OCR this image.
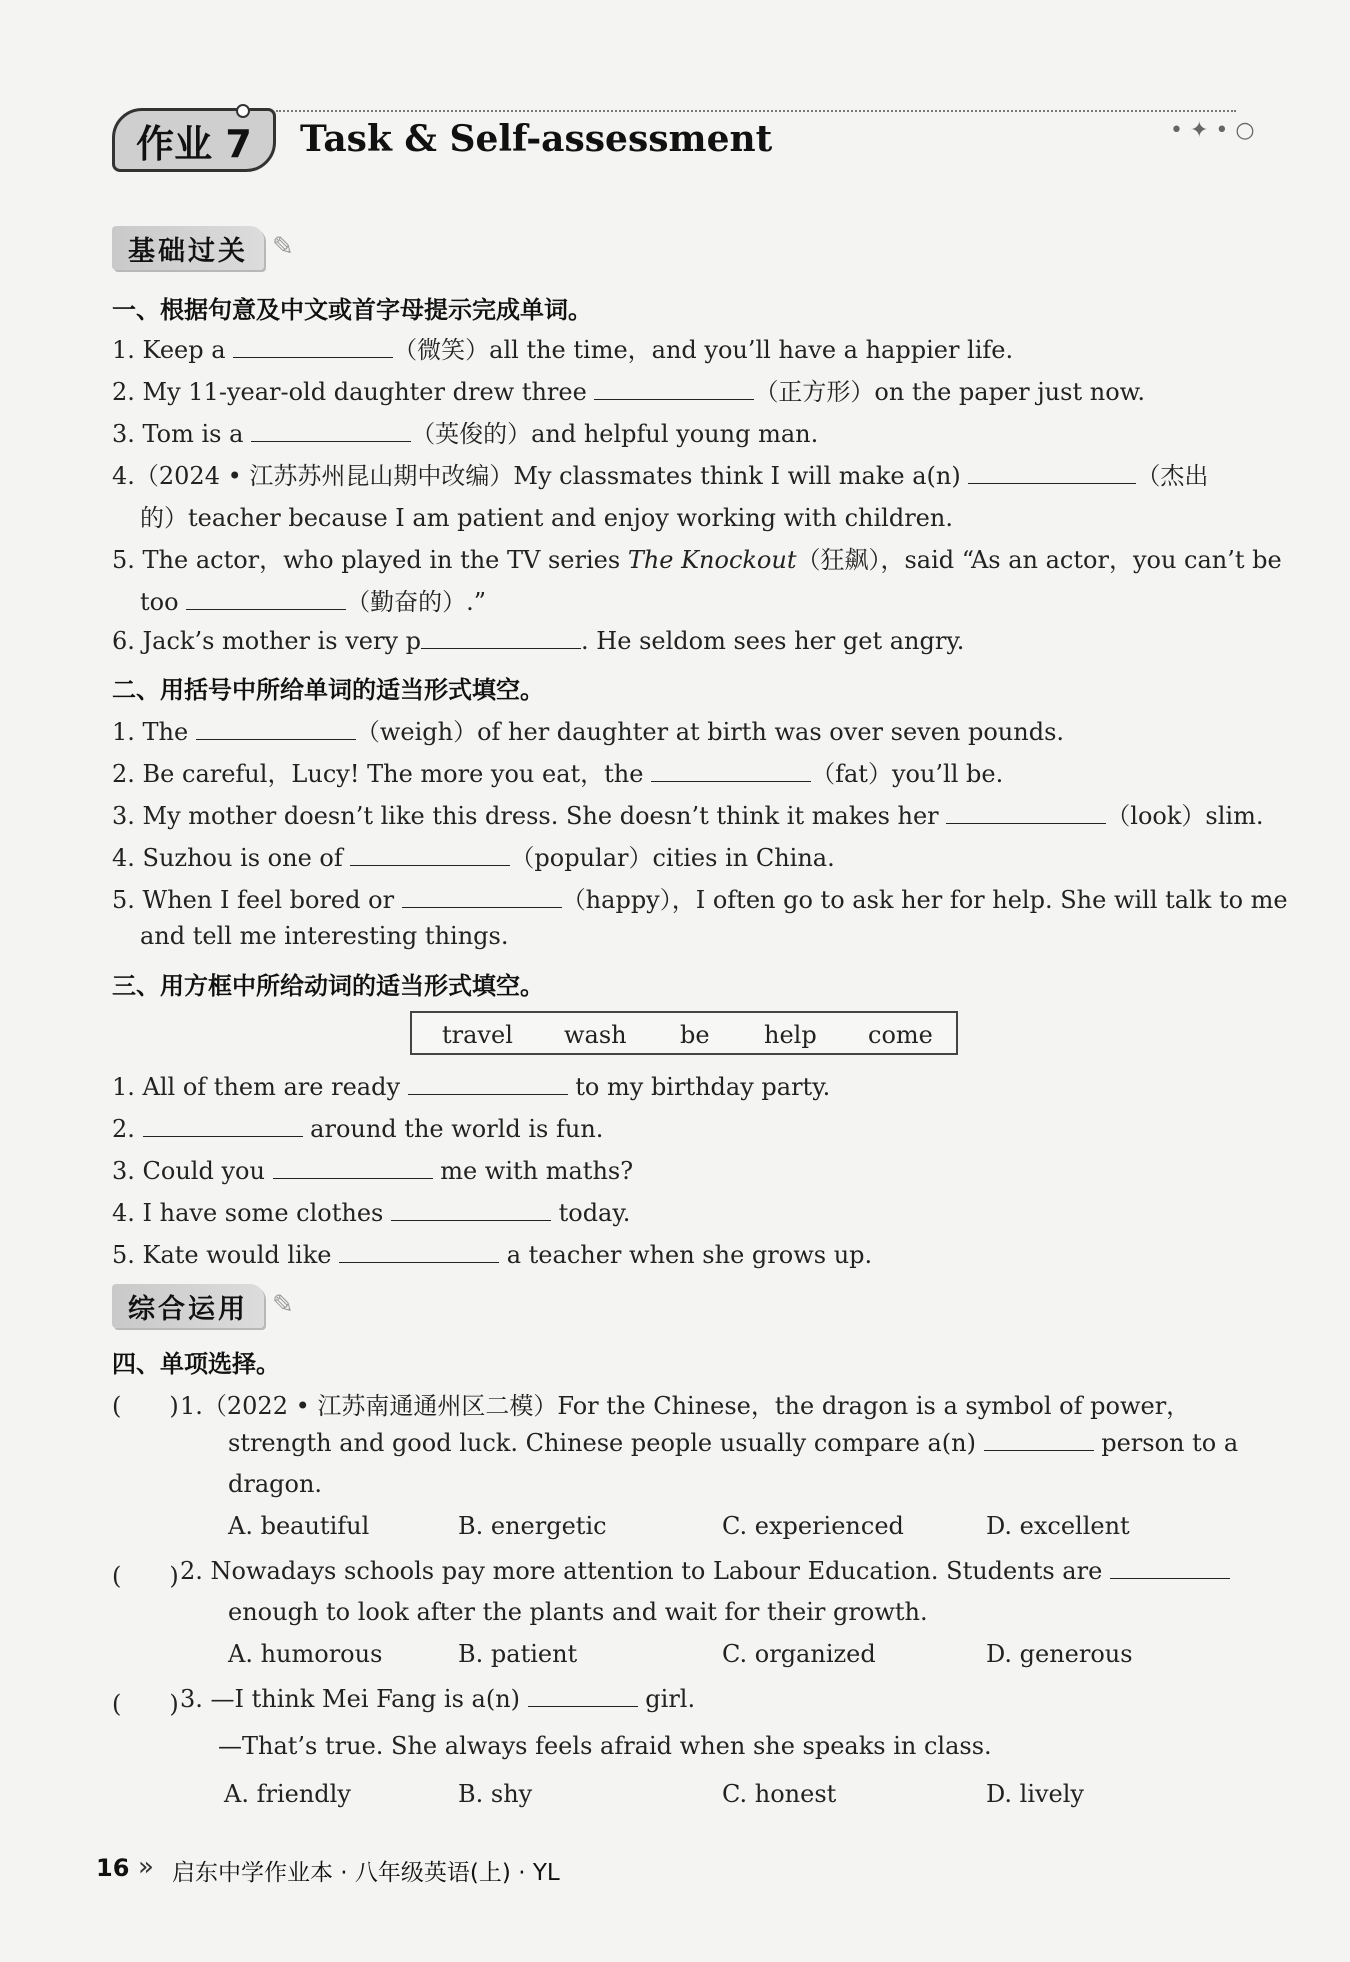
作业 7	Task & Self-assessment	• ✦ • ○
基础过关 ✎
一、根据句意及中文或首字母提示完成单词。
1. Keep a	（微笑）all the time，and you’ll have a happier life.
2. My 11-year-old daughter drew three	（正方形）on the paper just now.
3. Tom is a	（英俊的）and helpful young man.
4.（2024 • 江苏苏州昆山期中改编）My classmates think I will make a(n)	（杰出
的）teacher because I am patient and enjoy working with children.
5. The actor，who played in the TV series The Knockout（狂飙），said “As an actor，you can’t be
too	（勤奋的）.”
6. Jack’s mother is very p	. He seldom sees her get angry.
二、用括号中所给单词的适当形式填空。
1. The	（weigh）of her daughter at birth was over seven pounds.
2. Be careful，Lucy! The more you eat，the	（fat）you’ll be.
3. My mother doesn’t like this dress. She doesn’t think it makes her	（look）slim.
4. Suzhou is one of	（popular）cities in China.
5. When I feel bored or	（happy），I often go to ask her for help. She will talk to me
and tell me interesting things.
三、用方框中所给动词的适当形式填空。
travel wash be help come
1. All of them are ready	to my birthday party.
2.	around the world is fun.
3. Could you	me with maths?
4. I have some clothes	today.
5. Kate would like	a teacher when she grows up.
综合运用 ✎
四、单项选择。
(　　) 1.（2022 • 江苏南通通州区二模）For the Chinese，the dragon is a symbol of power，
strength and good luck. Chinese people usually compare a(n)	person to a
dragon.
A. beautiful	B. energetic	C. experienced	D. excellent
(　　) 2. Nowadays schools pay more attention to Labour Education. Students are
enough to look after the plants and wait for their growth.
A. humorous	B. patient	C. organized	D. generous
(　　) 3. —I think Mei Fang is a(n)	girl.
—That’s true. She always feels afraid when she speaks in class.
A. friendly	B. shy	C. honest	D. lively
16 » 启东中学作业本 · 八年级英语(上) · YL
